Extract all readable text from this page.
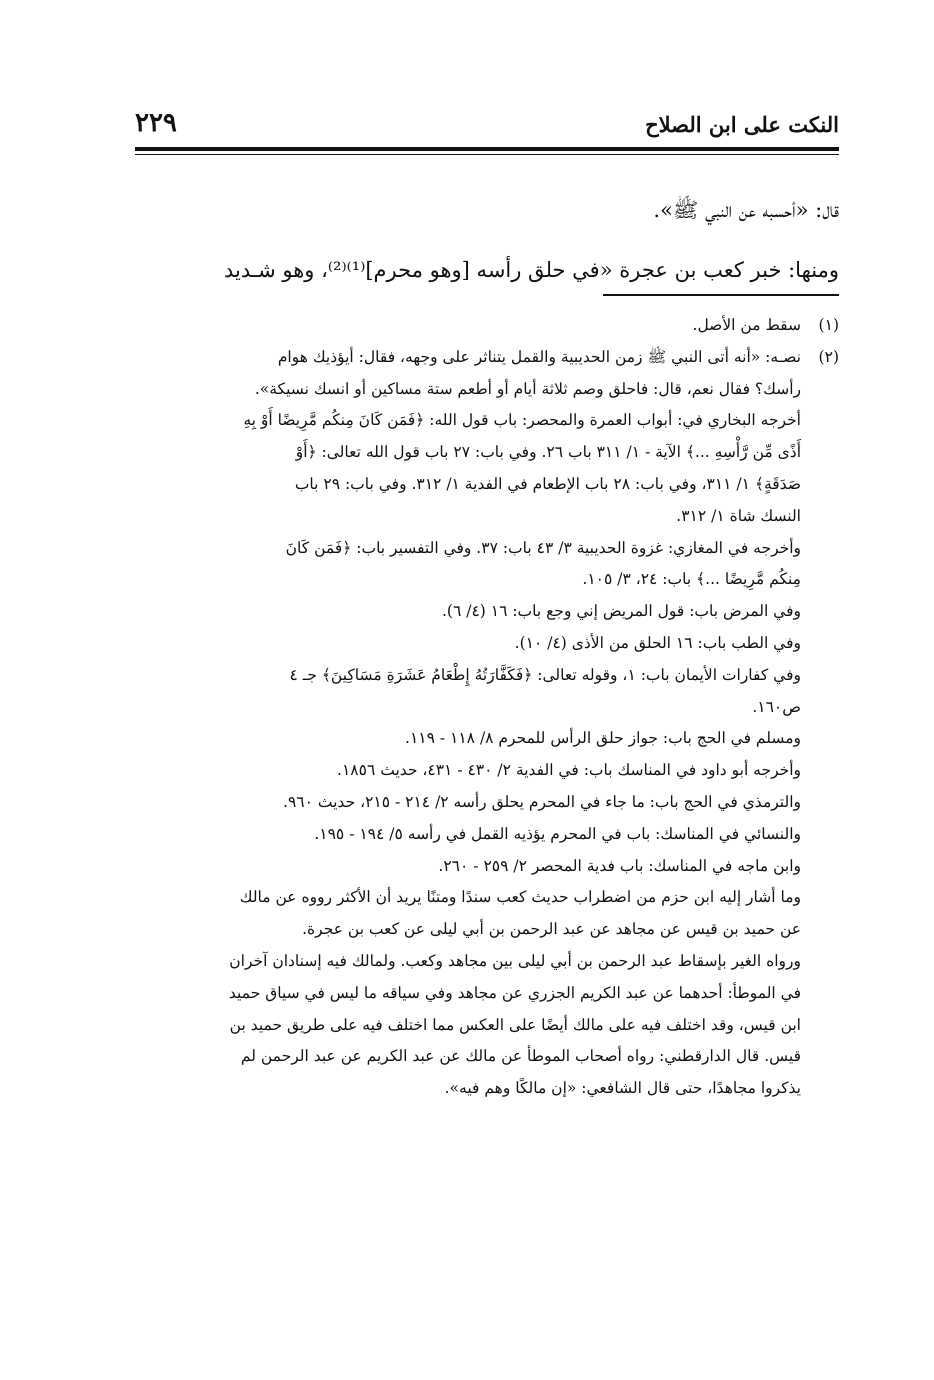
النكت على ابن الصلاح
٢٢٩

قال: «أحسبه عن النبي ﷺ».

ومنها: خبر كعب بن عجرة «في حلق رأسه [وهو محرم]⁽¹⁾⁽²⁾، وهو شـديد

(١)سقط من الأصل.

(٢)نصـه: «أنه أتى النبي ﷺ زمن الحديبية والقمل يتناثر على وجهه، فقال: أيؤذيك هوام

رأسك؟ فقال نعم، قال: فاحلق وصم ثلاثة أيام أو أطعم ستة مساكين أو انسك نسيكة».

أخرجه البخاري في: أبواب العمرة والمحصر: باب قول الله: ﴿فَمَن كَانَ مِنكُم مَّرِيضًا أَوْ بِهِ

أَذًى مِّن رَّأْسِهِ ...﴾ الآية - ١/ ٣١١ باب ٢٦. وفي باب: ٢٧ باب قول الله تعالى: ﴿أَوْ

صَدَقَةٍ﴾ ١/ ٣١١، وفي باب: ٢٨ باب الإطعام في الفدية ١/ ٣١٢. وفي باب: ٢٩ باب

النسك شاة ١/ ٣١٢.

وأخرجه في المغازي: غزوة الحديبية ٣/ ٤٣ باب: ٣٧. وفي التفسير باب: ﴿فَمَن كَانَ

مِنكُم مَّرِيضًا ...﴾ باب: ٢٤، ٣/ ١٠٥.

وفي المرض باب: قول المريض إني وجع باب: ١٦ (٤/ ٦).

وفي الطب باب: ١٦ الحلق من الأذى (٤/ ١٠).

وفي كفارات الأيمان باب: ١، وقوله تعالى: ﴿فَكَفَّارَتُهُ إِطْعَامُ عَشَرَةِ مَسَاكِينَ﴾ جـ ٤

ص١٦٠.

ومسلم في الحج باب: جواز حلق الرأس للمحرم ٨/ ١١٨ - ١١٩.

وأخرجه أبو داود في المناسك باب: في الفدية ٢/ ٤٣٠ - ٤٣١، حديث ١٨٥٦.

والترمذي في الحج باب: ما جاء في المحرم يحلق رأسه ٢/ ٢١٤ - ٢١٥، حديث ٩٦٠.

والنسائي في المناسك: باب في المحرم يؤذيه القمل في رأسه ٥/ ١٩٤ - ١٩٥.

وابن ماجه في المناسك: باب فدية المحصر ٢/ ٢٥٩ - ٢٦٠.

وما أشار إليه ابن حزم من اضطراب حديث كعب سندًا ومتنًا يريد أن الأكثر رووه عن مالك

عن حميد بن قيس عن مجاهد عن عبد الرحمن بن أبي ليلى عن كعب بن عجرة.

ورواه الغير بإسقاط عبد الرحمن بن أبي ليلى بين مجاهد وكعب. ولمالك فيه إسنادان آخران

في الموطأ: أحدهما عن عبد الكريم الجزري عن مجاهد وفي سياقه ما ليس في سياق حميد

ابن قيس، وقد اختلف فيه على مالك أيضًا على العكس مما اختلف فيه على طريق حميد بن

قيس. قال الدارقطني: رواه أصحاب الموطأ عن مالك عن عبد الكريم عن عبد الرحمن لم

يذكروا مجاهدًا، حتى قال الشافعي: «إن مالكًا وهم فيه».
